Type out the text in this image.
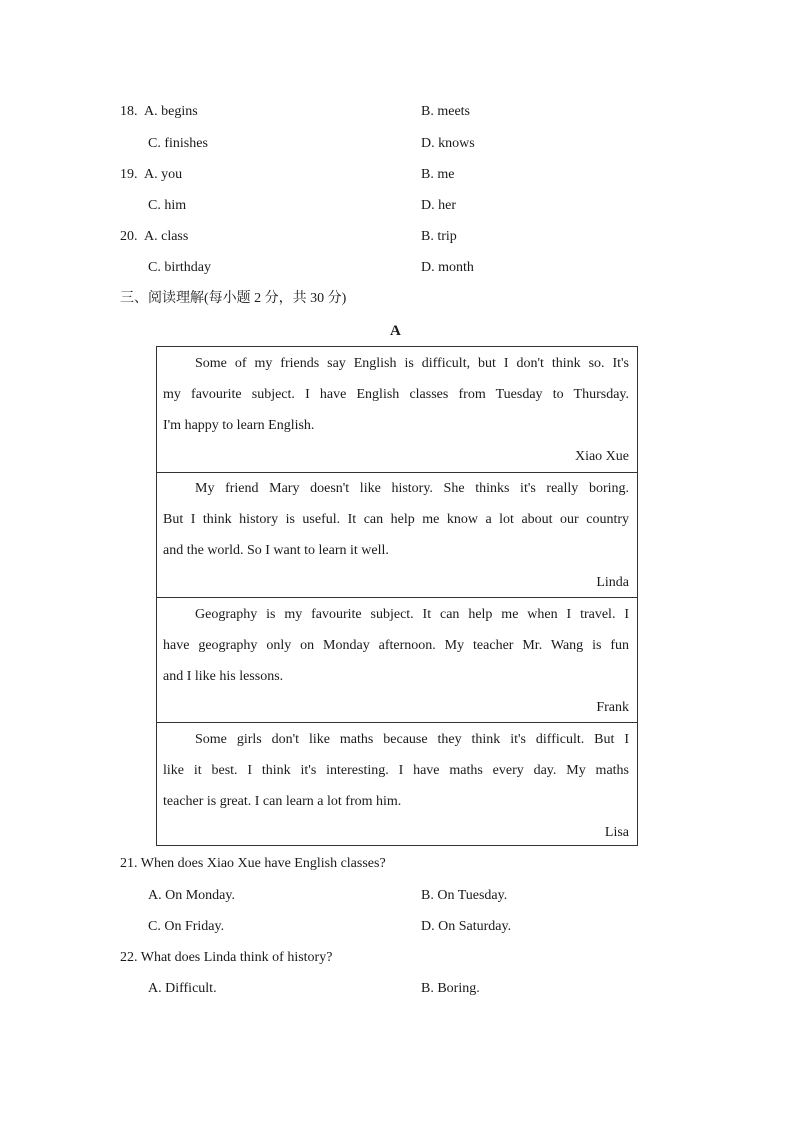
18. A. begins	B. meets
C. finishes	D. knows
19. A. you	B. me
C. him	D. her
20. A. class	B. trip
C. birthday	D. month
三、阅读理解(每小题 2 分，共 30 分)
A
Some of my friends say English is difficult, but I don't think so. It's
my favourite subject. I have English classes from Tuesday to Thursday.
I'm happy to learn English.
Xiao Xue
My friend Mary doesn't like history. She thinks it's really boring.
But I think history is useful. It can help me know a lot about our country
and the world. So I want to learn it well.
Linda
Geography is my favourite subject. It can help me when I travel. I
have geography only on Monday afternoon. My teacher Mr. Wang is fun
and I like his lessons.
Frank
Some girls don't like maths because they think it's difficult. But I
like it best. I think it's interesting. I have maths every day. My maths
teacher is great. I can learn a lot from him.
Lisa
21. When does Xiao Xue have English classes?
A. On Monday.	B. On Tuesday.
C. On Friday.	D. On Saturday.
22. What does Linda think of history?
A. Difficult.	B. Boring.
